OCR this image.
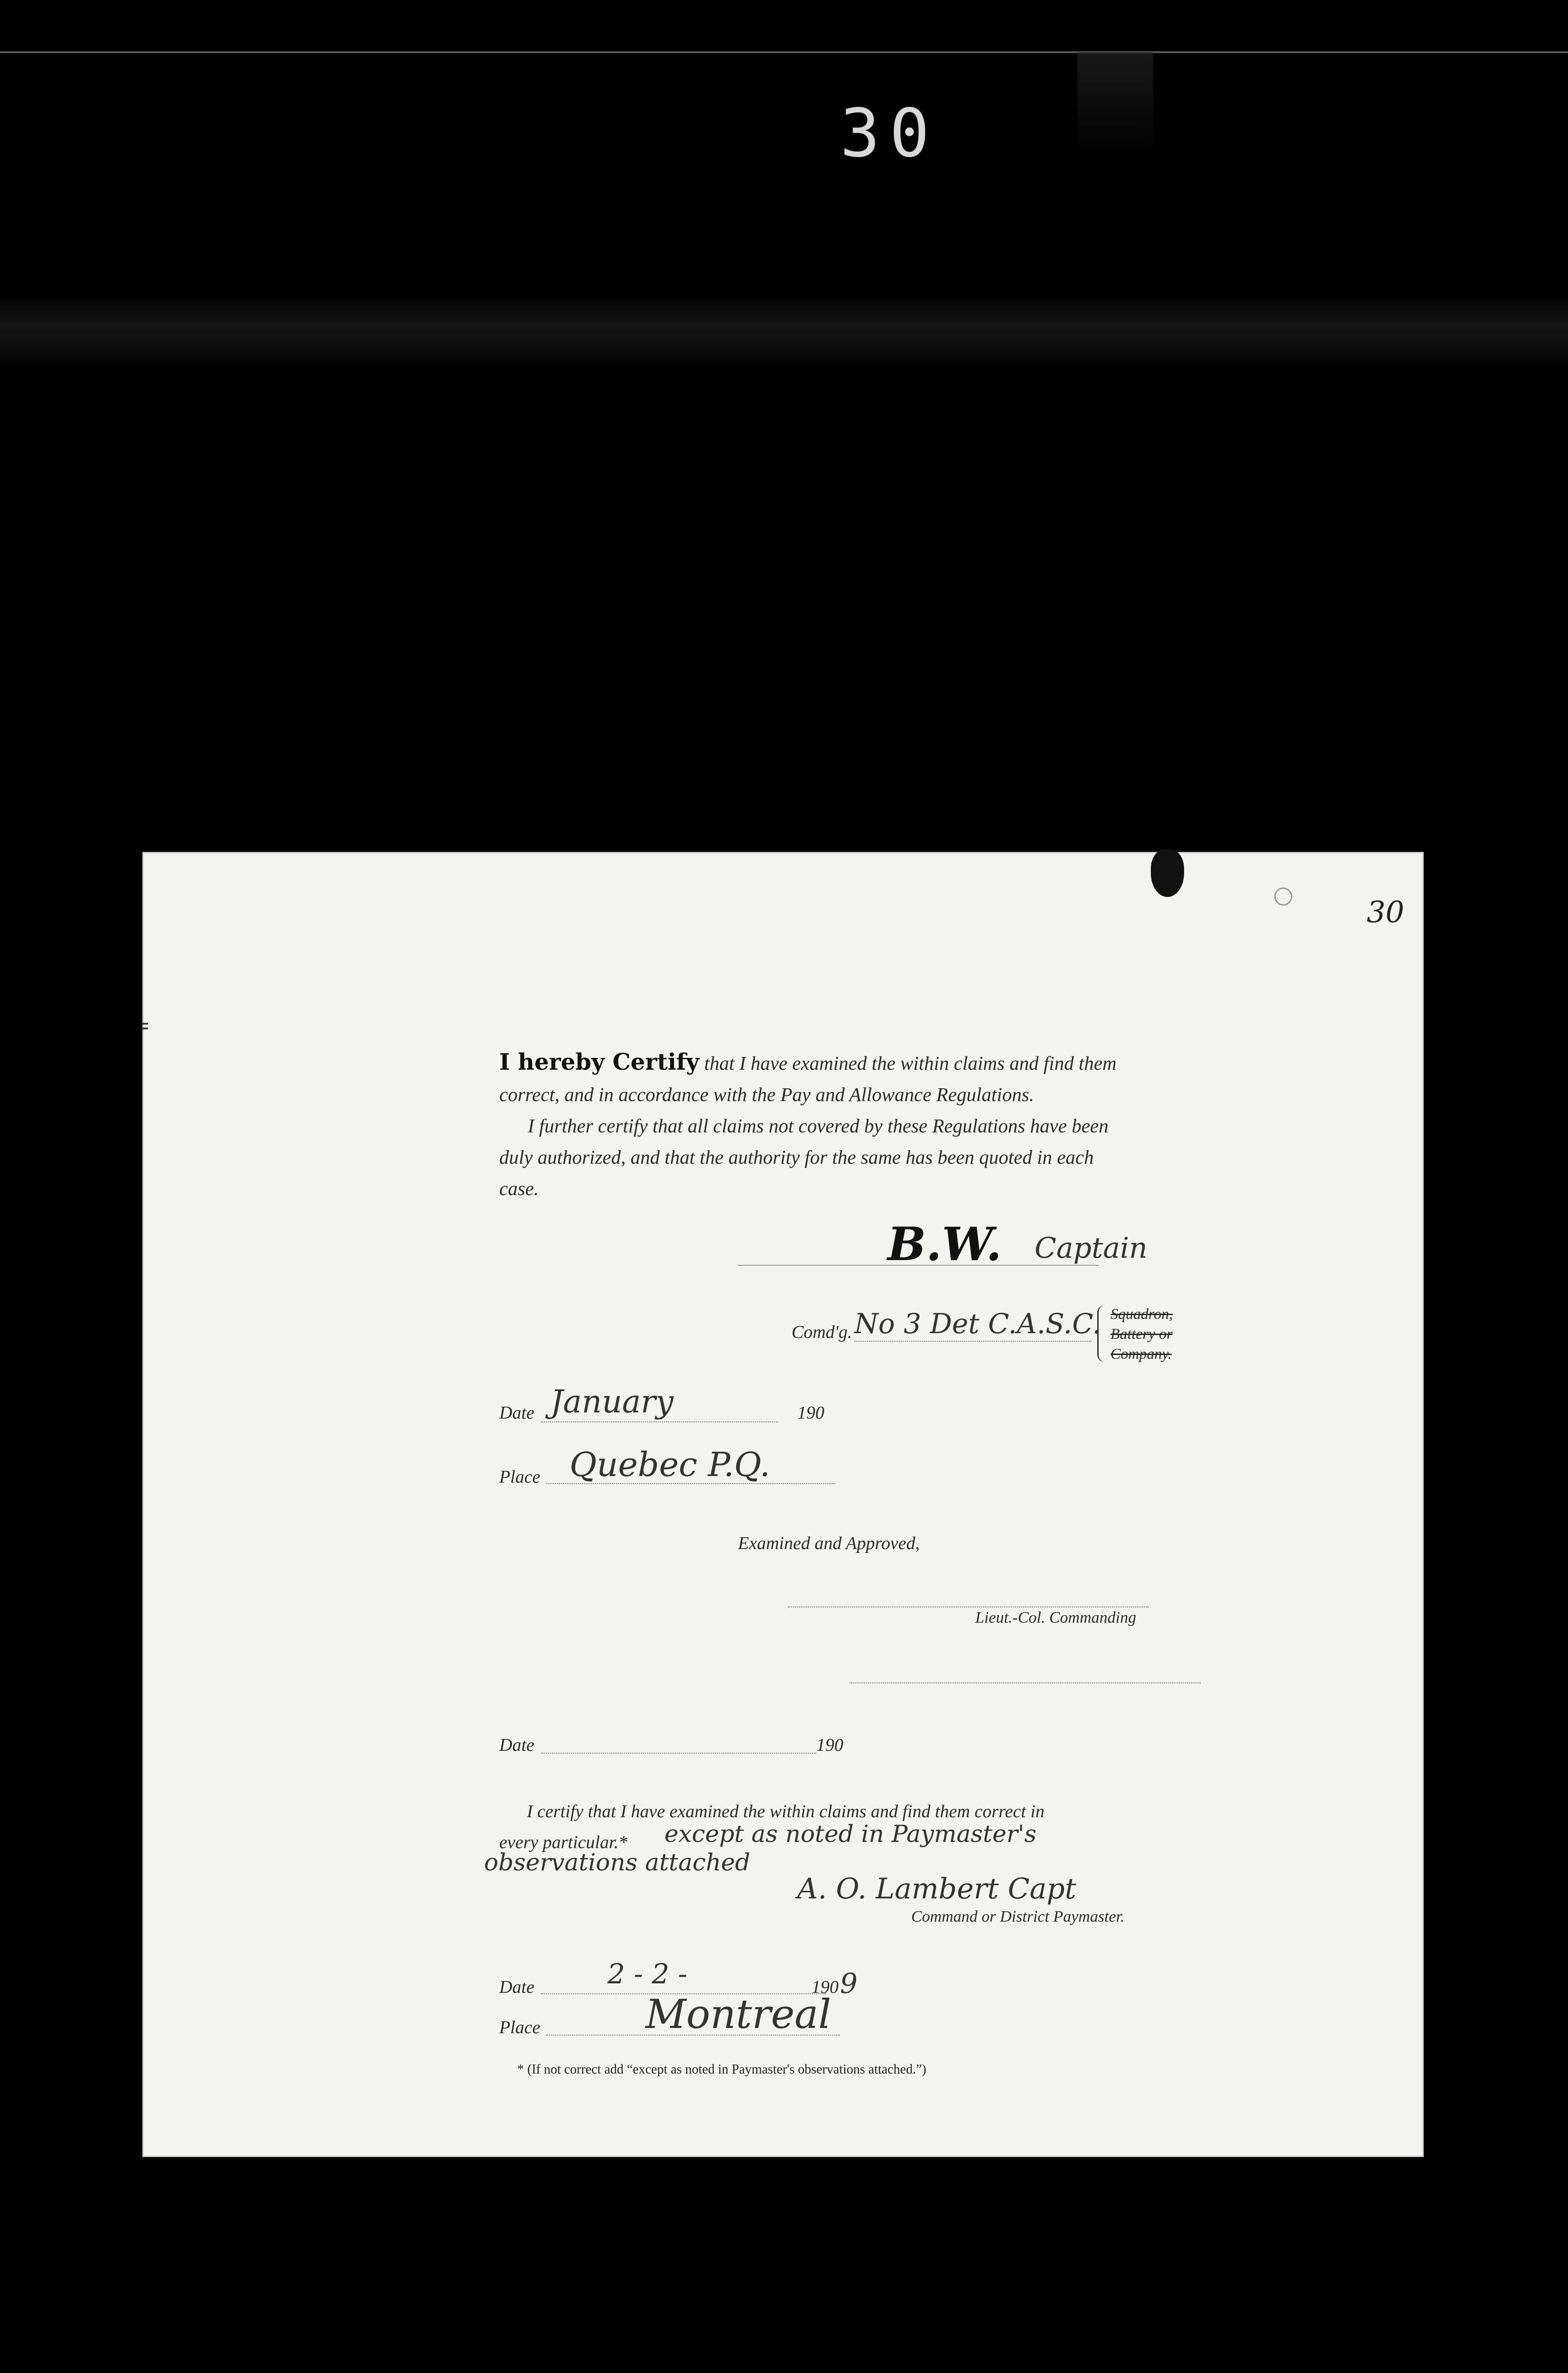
30
30
I hereby Certify that I have examined the within claims and find them
correct, and in accordance with the Pay and Allowance Regulations.
I further certify that all claims not covered by these Regulations have been
duly authorized, and that the authority for the same has been quoted in each
case.
B.W. Captain
Comd'g. No 3 Det C.A.S.C. Squadron,
Battery or
Company.
Date January	190
Place Quebec P.Q.
Examined and Approved,
Lieut.-Col. Commanding
Date	190
I certify that I have examined the within claims and find them correct in
every particular.* except as noted in Paymaster's
observations attached
A. O. Lambert Capt
Command or District Paymaster.
Date	2 - 2 -	190 9
Place	Montreal
* (If not correct add “except as noted in Paymaster's observations attached.”)
